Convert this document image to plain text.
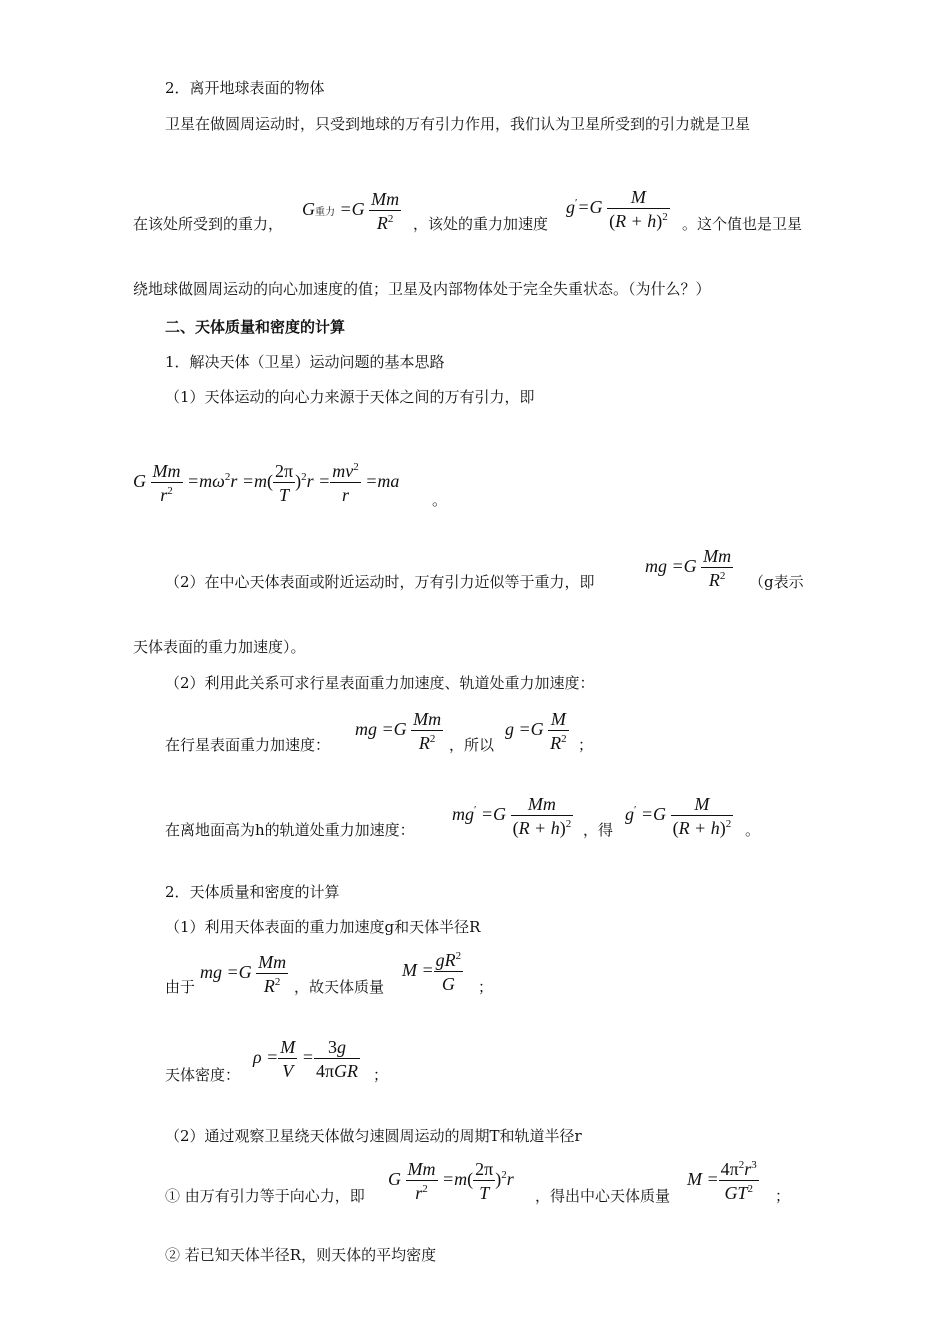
2．离开地球表面的物体
卫星在做圆周运动时，只受到地球的万有引力作用，我们认为卫星所受到的引力就是卫星
在该处所受到的重力，
G重力 $=G \frac{Mm}{R^2}$ ，该处的重力加速度
$g'=G \frac{M}{(R + h)^2}$ 。这个值也是卫星
绕地球做圆周运动的向心加速度的值；卫星及内部物体处于完全失重状态。（为什么？）
二、天体质量和密度的计算
1．解决天体（卫星）运动问题的基本思路
（1）天体运动的向心力来源于天体之间的万有引力，即
G $\frac{Mm}{r^2} =m\omega^2r =m( \frac{2\pi}{T} )^2r = \frac{mv^2}{r} =ma$
。
（2）在中心天体表面或附近运动时，万有引力近似等于重力，即
mg $=G \frac{Mm}{R^2} (g$表示
天体表面的重力加速度）。
（2）利用此关系可求行星表面重力加速度、轨道处重力加速度：
在行星表面重力加速度：
mg $=G \frac{Mm}{R^2}$ ，所以
$g =G \frac{M}{R^2}$ ；
在离地面高为h的轨道处重力加速度：
$mg' =G \frac{Mm}{(R + h)^2}$ ，得
$g' =G \frac{M}{(R + h)^2}$ 。
2．天体质量和密度的计算
（1）利用天体表面的重力加速度g和天体半径R
由于
mg $=G \frac{Mm}{R^2}$ ，故天体质量
$M = \frac{gR^2}{G}$ ；
天体密度：
$\rho = \frac{M}{V} = \frac{3g}{\text{4πGR}}$ ；
（2）通过观察卫星绕天体做匀速圆周运动的周期T和轨道半径r
① 由万有引力等于向心力，即
G $\frac{Mm}{r^2} =m( \frac{2\pi}{T} )^2r$
，得出中心天体质量
$M = \frac{4\pi^2r^3}{GT^2}$ ；
② 若已知天体半径R，则天体的平均密度
